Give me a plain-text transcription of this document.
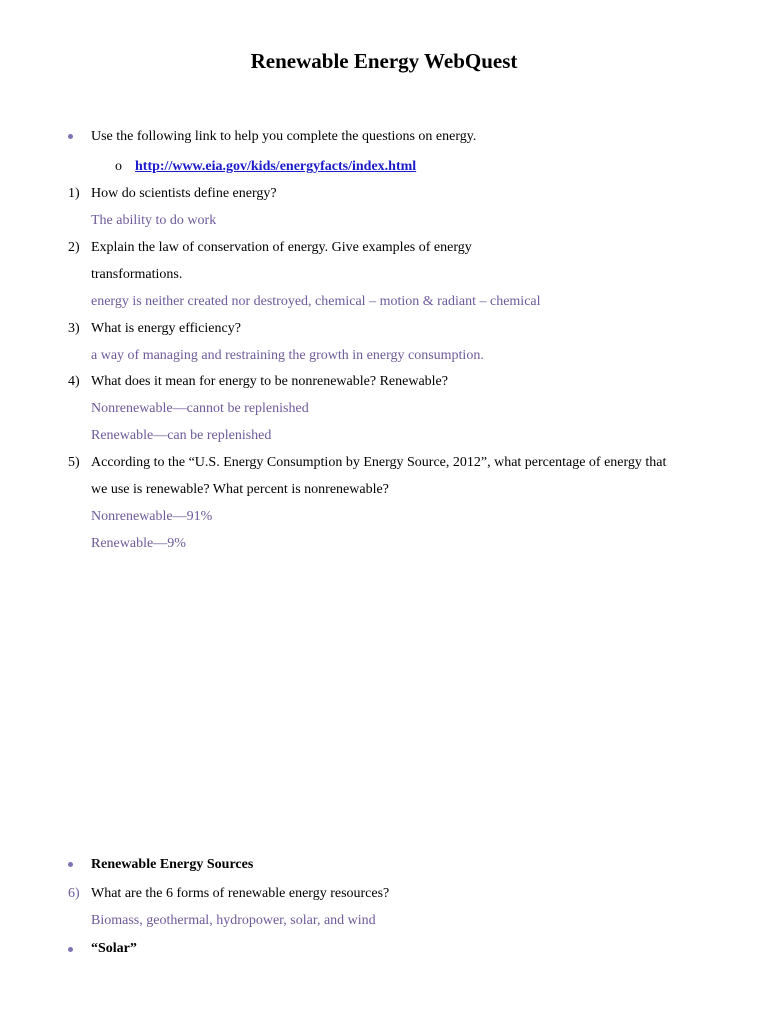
Renewable Energy WebQuest
Use the following link to help you complete the questions on energy.
o http://www.eia.gov/kids/energyfacts/index.html
1) How do scientists define energy?
The ability to do work
2) Explain the law of conservation of energy. Give examples of energy
transformations.
energy is neither created nor destroyed, chemical – motion & radiant – chemical
3) What is energy efficiency?
a way of managing and restraining the growth in energy consumption.
4) What does it mean for energy to be nonrenewable? Renewable?
Nonrenewable—cannot be replenished
Renewable—can be replenished
5) According to the “U.S. Energy Consumption by Energy Source, 2012”, what percentage of energy that
we use is renewable? What percent is nonrenewable?
Nonrenewable—91%
Renewable—9%
Renewable Energy Sources
6) What are the 6 forms of renewable energy resources?
Biomass, geothermal, hydropower, solar, and wind
“Solar”
